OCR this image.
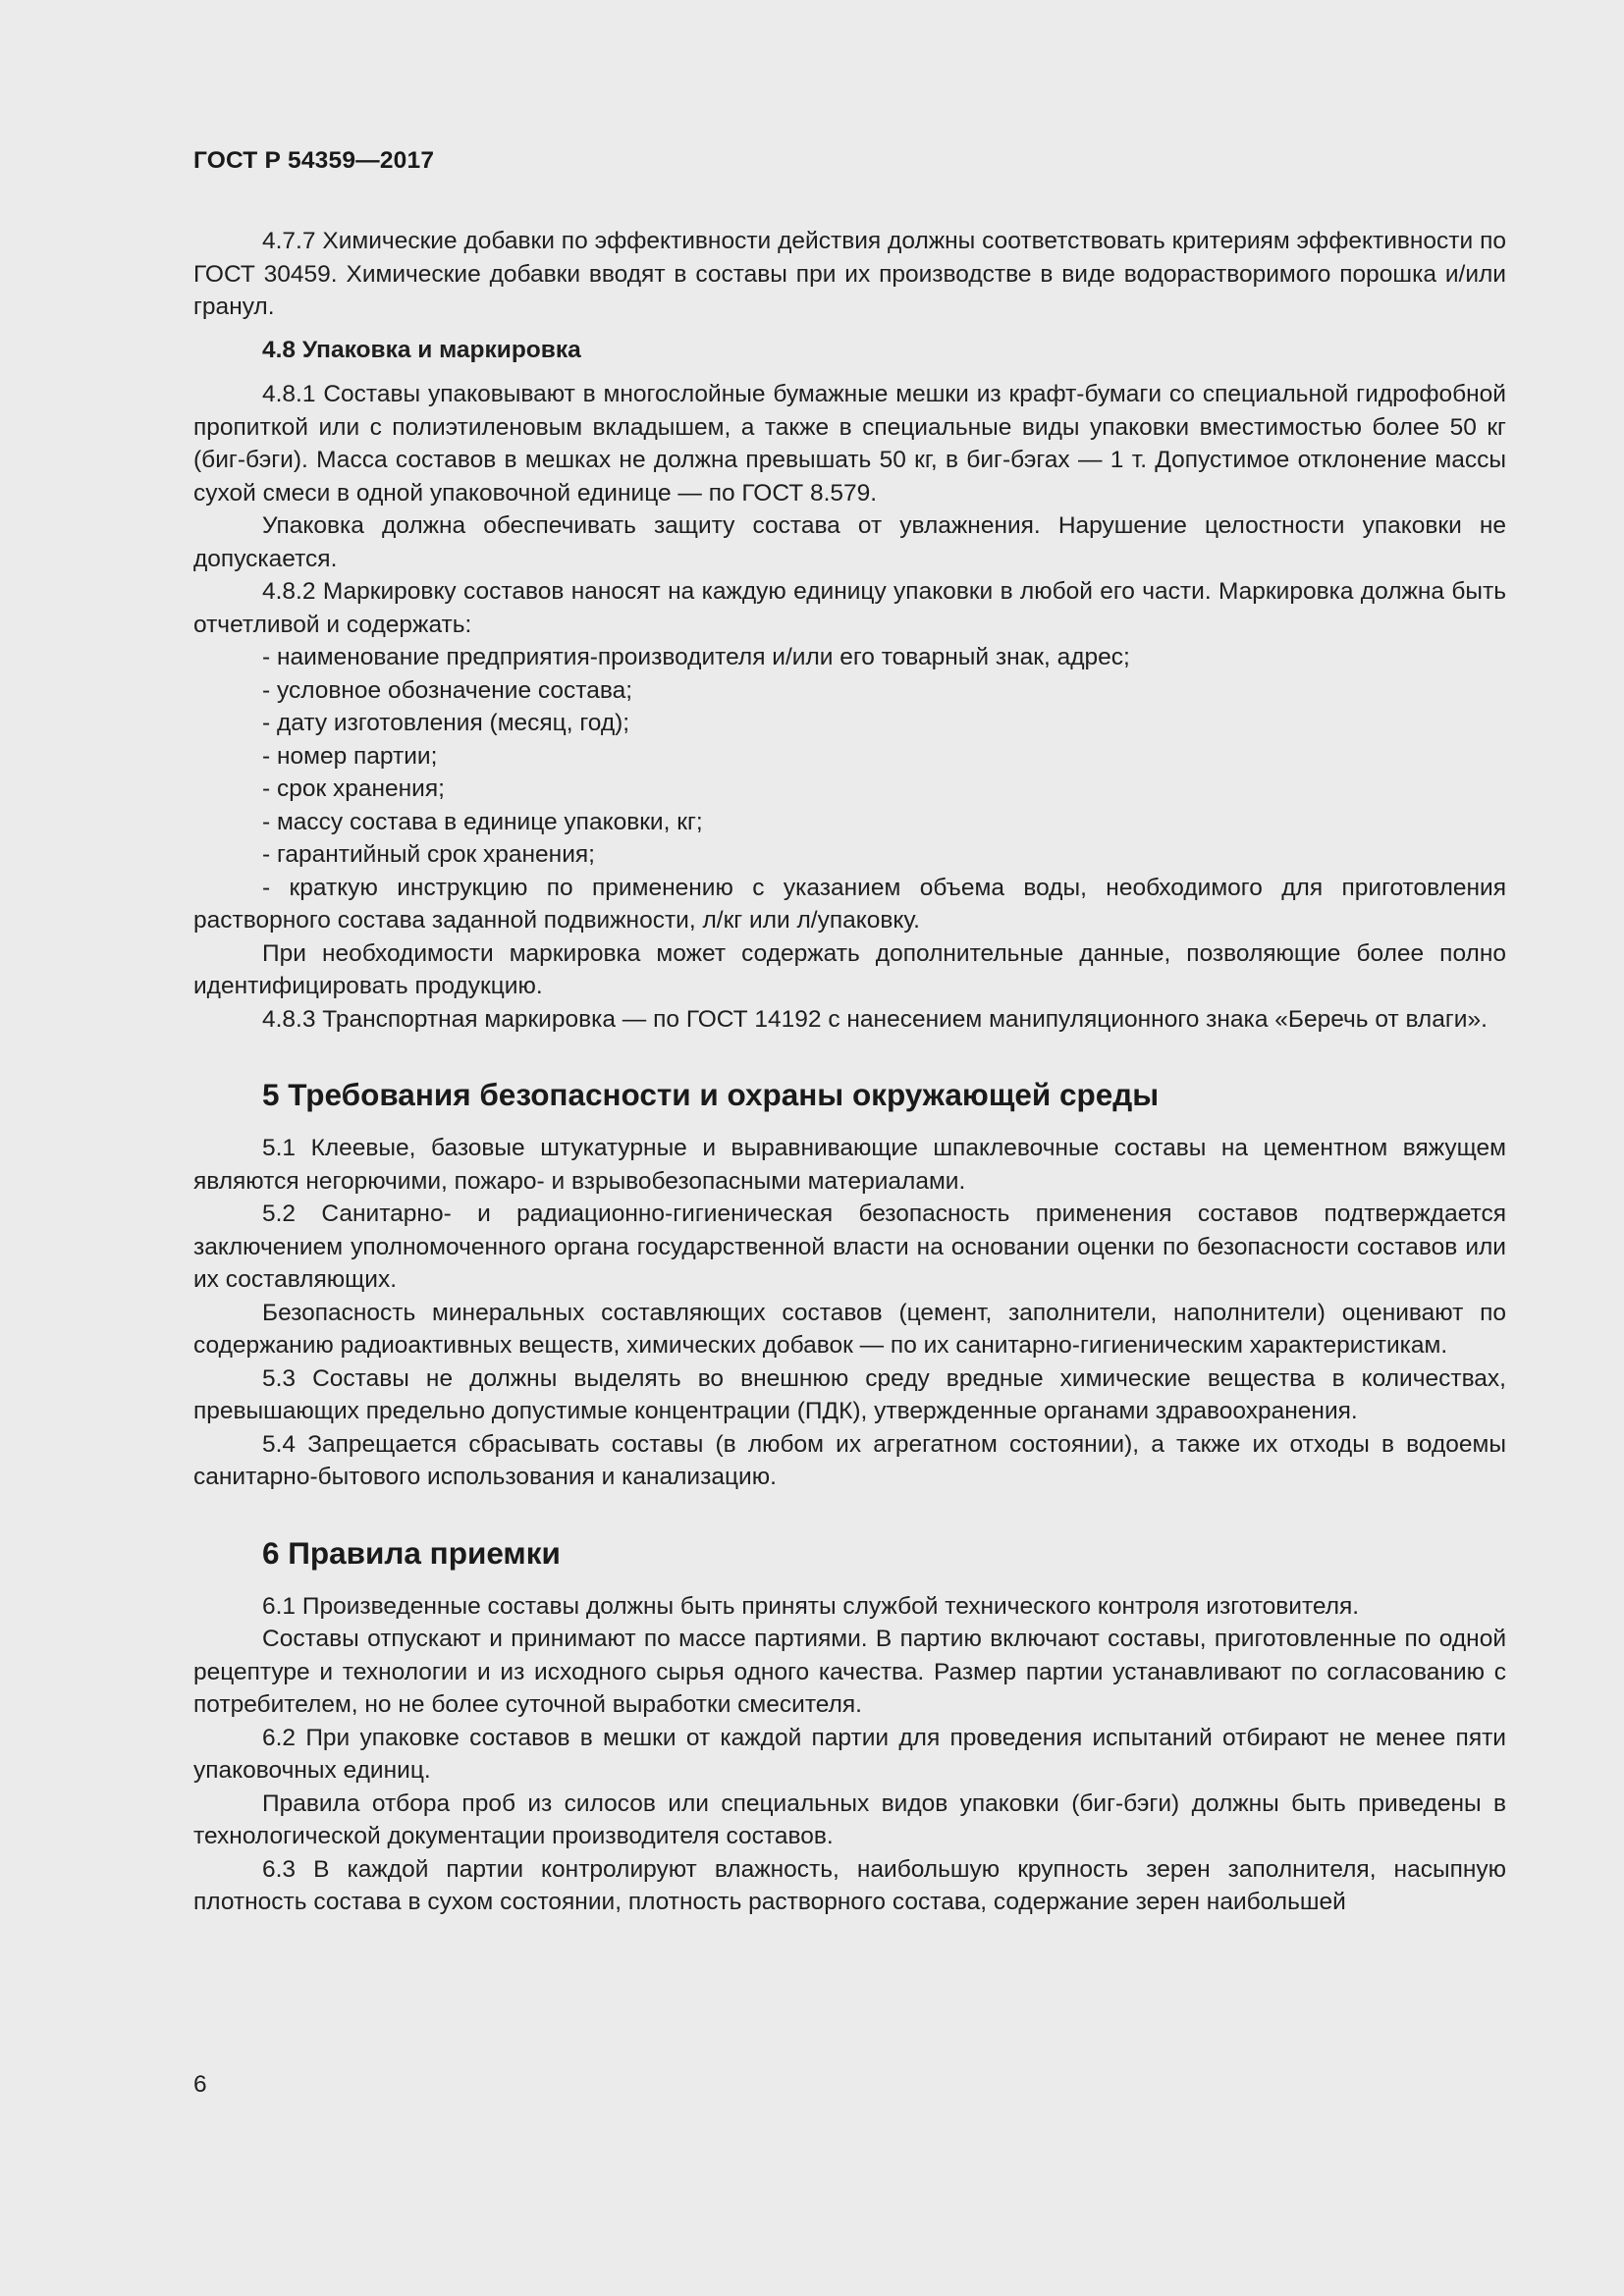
ГОСТ Р 54359—2017

4.7.7 Химические добавки по эффективности действия должны соответствовать критериям эффективности по ГОСТ 30459. Химические добавки вводят в составы при их производстве в виде водорастворимого порошка и/или гранул.

4.8 Упаковка и маркировка

4.8.1 Составы упаковывают в многослойные бумажные мешки из крафт-бумаги со специальной гидрофобной пропиткой или с полиэтиленовым вкладышем, а также в специальные виды упаковки вместимостью более 50 кг (биг-бэги). Масса составов в мешках не должна превышать 50 кг, в биг-бэгах — 1 т. Допустимое отклонение массы сухой смеси в одной упаковочной единице — по ГОСТ 8.579.

Упаковка должна обеспечивать защиту состава от увлажнения. Нарушение целостности упаковки не допускается.

4.8.2 Маркировку составов наносят на каждую единицу упаковки в любой его части. Маркировка должна быть отчетливой и содержать:

- наименование предприятия-производителя и/или его товарный знак, адрес;

- условное обозначение состава;

- дату изготовления (месяц, год);

- номер партии;

- срок хранения;

- массу состава в единице упаковки, кг;

- гарантийный срок хранения;

- краткую инструкцию по применению с указанием объема воды, необходимого для приготовления растворного состава заданной подвижности, л/кг или л/упаковку.

При необходимости маркировка может содержать дополнительные данные, позволяющие более полно идентифицировать продукцию.

4.8.3 Транспортная маркировка — по ГОСТ 14192 с нанесением манипуляционного знака «Беречь от влаги».

5 Требования безопасности и охраны окружающей среды

5.1 Клеевые, базовые штукатурные и выравнивающие шпаклевочные составы на цементном вяжущем являются негорючими, пожаро- и взрывобезопасными материалами.

5.2 Санитарно- и радиационно-гигиеническая безопасность применения составов подтверждается заключением уполномоченного органа государственной власти на основании оценки по безопасности составов или их составляющих.

Безопасность минеральных составляющих составов (цемент, заполнители, наполнители) оценивают по содержанию радиоактивных веществ, химических добавок — по их санитарно-гигиеническим характеристикам.

5.3 Составы не должны выделять во внешнюю среду вредные химические вещества в количествах, превышающих предельно допустимые концентрации (ПДК), утвержденные органами здравоохранения.

5.4 Запрещается сбрасывать составы (в любом их агрегатном состоянии), а также их отходы в водоемы санитарно-бытового использования и канализацию.

6 Правила приемки

6.1 Произведенные составы должны быть приняты службой технического контроля изготовителя.

Составы отпускают и принимают по массе партиями. В партию включают составы, приготовленные по одной рецептуре и технологии и из исходного сырья одного качества. Размер партии устанавливают по согласованию с потребителем, но не более суточной выработки смесителя.

6.2 При упаковке составов в мешки от каждой партии для проведения испытаний отбирают не менее пяти упаковочных единиц.

Правила отбора проб из силосов или специальных видов упаковки (биг-бэги) должны быть приведены в технологической документации производителя составов.

6.3 В каждой партии контролируют влажность, наибольшую крупность зерен заполнителя, насыпную плотность состава в сухом состоянии, плотность растворного состава, содержание зерен наибольшей

6
